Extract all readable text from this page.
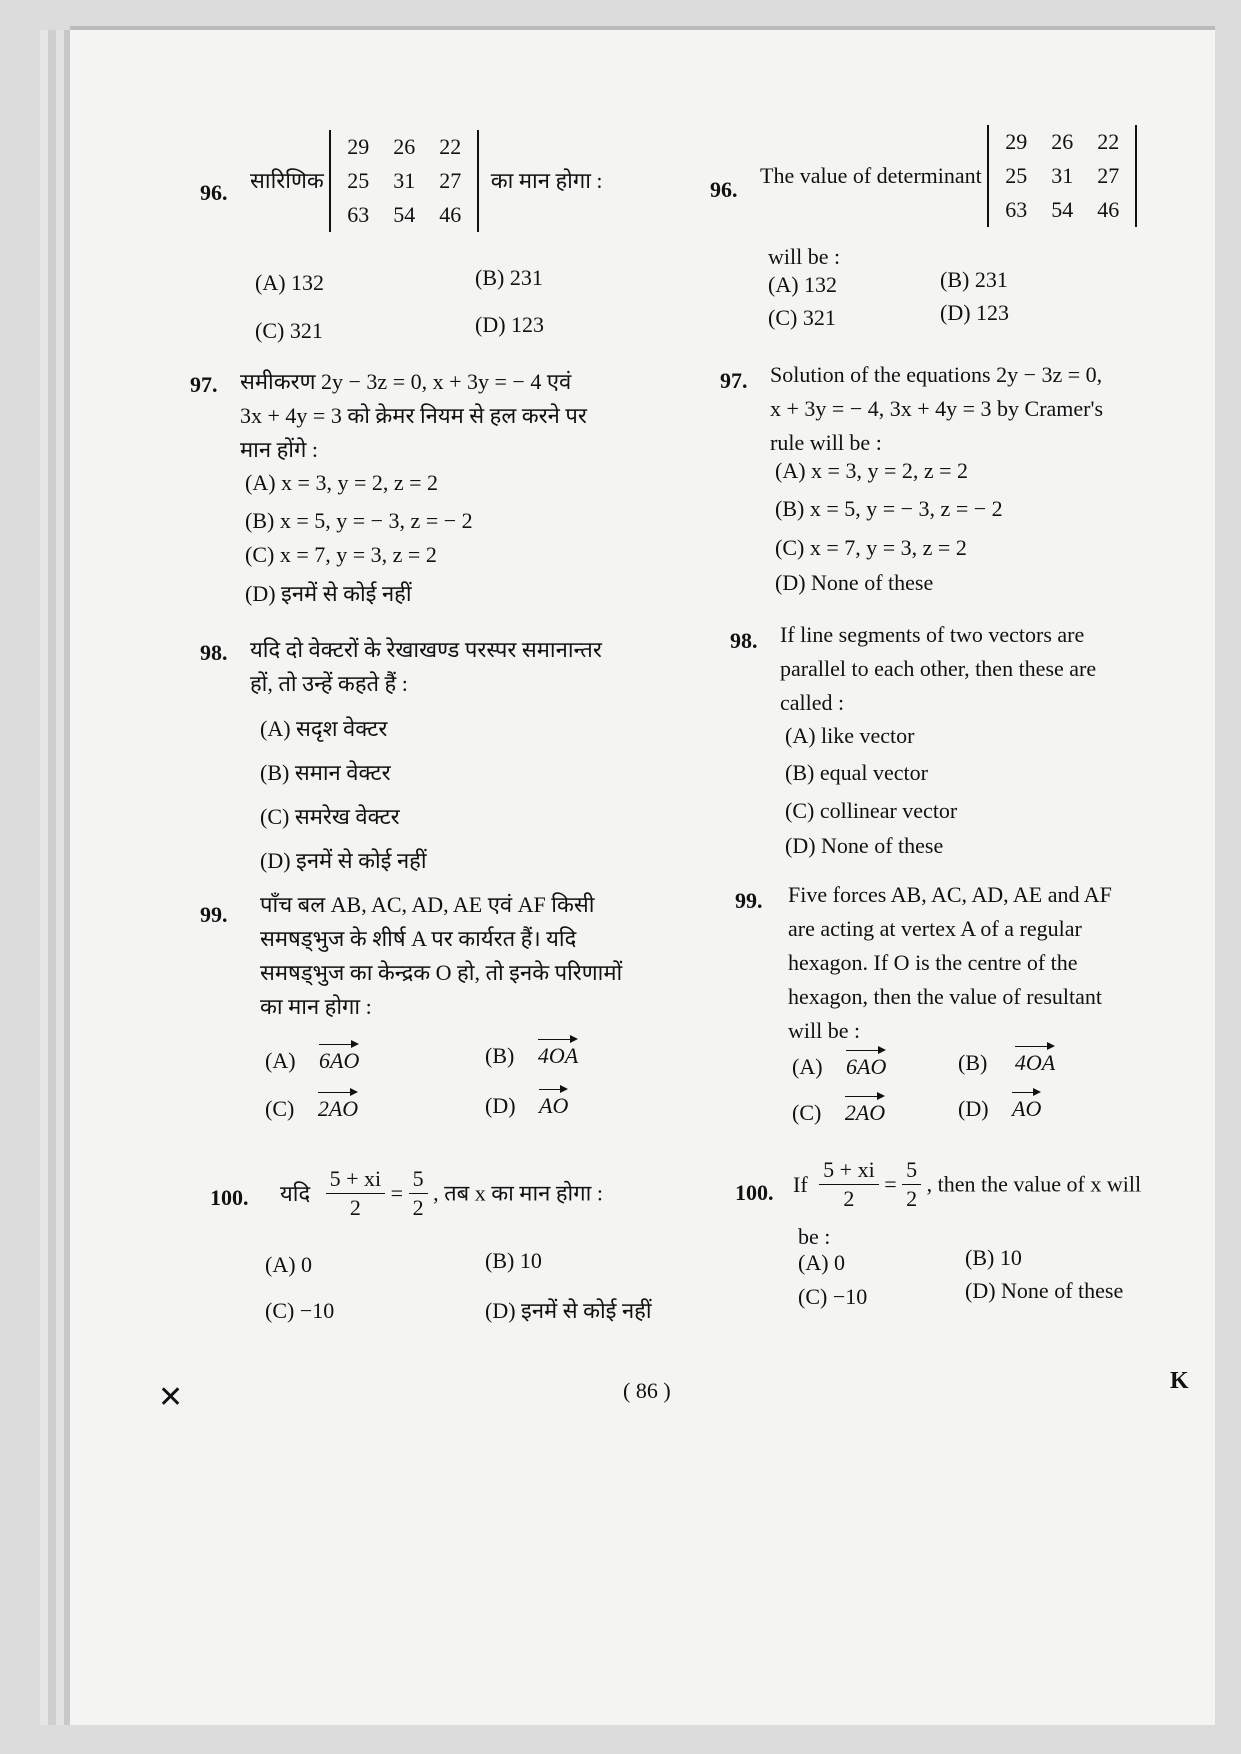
96. सारिणिक
29	26	22
25	31	27
63	54	46
का मान होगा :
(A) 132	(B) 231
(C) 321	(D) 123
97. समीकरण 2y − 3z = 0, x + 3y = − 4 एवं
3x + 4y = 3 को क्रेमर नियम से हल करने पर
मान होंगे :
(A) x = 3, y = 2, z = 2
(B) x = 5, y = − 3, z = − 2
(C) x = 7, y = 3, z = 2
(D) इनमें से कोई नहीं
98. यदि दो वेक्टरों के रेखाखण्ड परस्पर समानान्तर
हों, तो उन्हें कहते हैं :
(A) सदृश वेक्टर
(B) समान वेक्टर
(C) समरेख वेक्टर
(D) इनमें से कोई नहीं
99. पाँच बल AB, AC, AD, AE एवं AF किसी
समषड्भुज के शीर्ष A पर कार्यरत हैं। यदि
समषड्भुज का केन्द्रक O हो, तो इनके परिणामों
का मान होगा :
(A) 6AO	(B) 4OA
(C) 2AO	(D) AO
100. यदि $\frac{5 + xi}{2} = \frac{5}{2}$ , तब x का मान होगा :
(A) 0	(B) 10
(C) −10	(D) इनमें से कोई नहीं
96.
The value of determinant
29	26	22
25	31	27
63	54	46
will be :
(A) 132	(B) 231
(C) 321	(D) 123
97. Solution of the equations 2y − 3z = 0,
x + 3y = − 4, 3x + 4y = 3 by Cramer's
rule will be :
(A) x = 3, y = 2, z = 2
(B) x = 5, y = − 3, z = − 2
(C) x = 7, y = 3, z = 2
(D) None of these
98. If line segments of two vectors are
parallel to each other, then these are
called :
(A) like vector
(B) equal vector
(C) collinear vector
(D) None of these
99. Five forces AB, AC, AD, AE and AF
are acting at vertex A of a regular
hexagon. If O is the centre of the
hexagon, then the value of resultant
will be :
(A) 6AO	(B) 4OA
(C) 2AO	(D) AO
100. If $\frac{5 + xi}{2} = \frac{5}{2}$ , then the value of x will
be :
(A) 0	(B) 10
(C) −10	(D) None of these
( 86 )	K
✕
